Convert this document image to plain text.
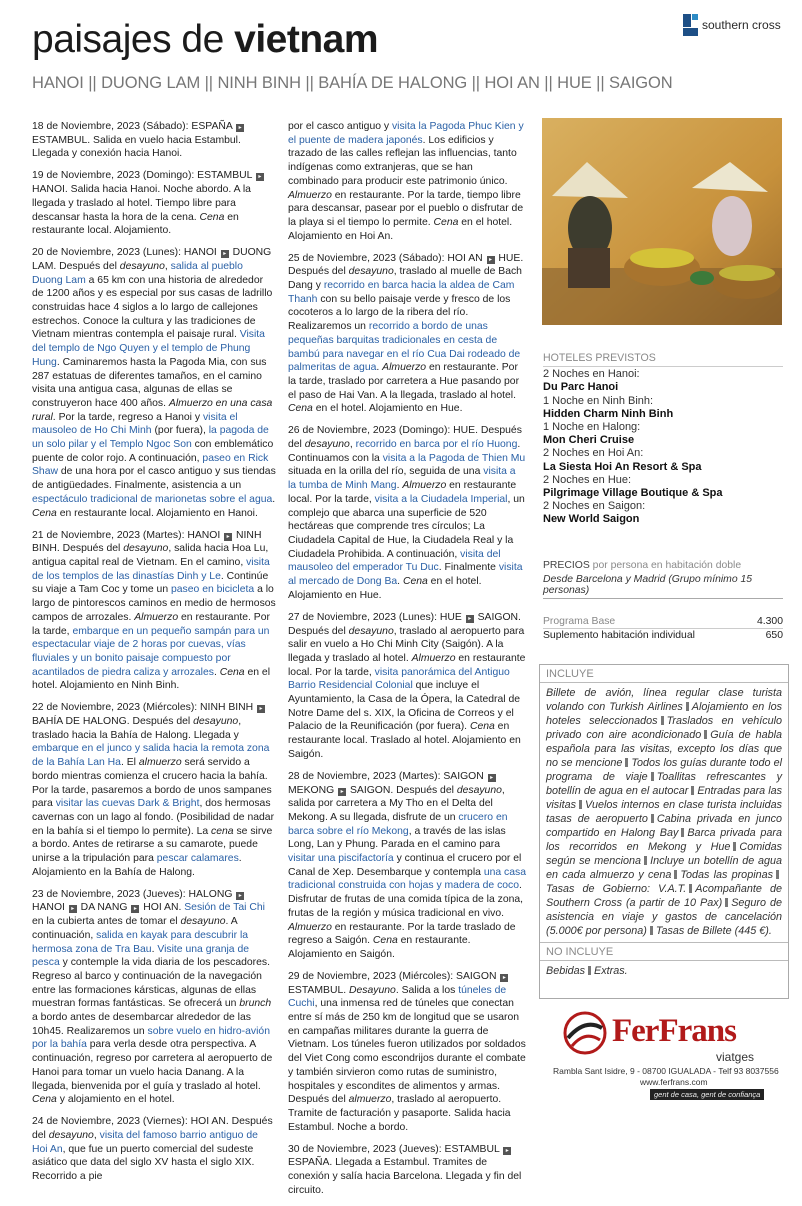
paisajes de vietnam	southern cross
HANOI || DUONG LAM || NINH BINH || BAHÍA DE HALONG || HOI AN || HUE || SAIGON

18 de Noviembre, 2023 (Sábado): ESPAÑA ▸ ESTAMBUL. Salida en vuelo hacia Estambul. Llegada y conexión hacia Hanoi.

19 de Noviembre, 2023 (Domingo): ESTAMBUL ▸ HANOI. Salida hacia Hanoi. Noche abordo. A la llegada y traslado al hotel. Tiempo libre para descansar hasta la hora de la cena. Cena en restaurante local. Alojamiento.

20 de Noviembre, 2023 (Lunes): HANOI ▸ DUONG LAM. Después del desayuno, salida al pueblo Duong Lam a 65 km con una historia de alrededor de 1200 años y es especial por sus casas de ladrillo construidas hace 4 siglos a lo largo de callejones estrechos. Conoce la cultura y las tradiciones de Vietnam mientras contempla el paisaje rural. Visita del templo de Ngo Quyen y el templo de Phung Hung. Caminaremos hasta la Pagoda Mia, con sus 287 estatuas de diferentes tamaños, en el camino visita una antigua casa, algunas de ellas se construyeron hace 400 años. Almuerzo en una casa rural. Por la tarde, regreso a Hanoi y visita el mausoleo de Ho Chi Minh (por fuera), la pagoda de un solo pilar y el Templo Ngoc Son con emblemático puente de color rojo. A continuación, paseo en Rick Shaw de una hora por el casco antiguo y sus tiendas de antigüedades. Finalmente, asistencia a un espectáculo tradicional de marionetas sobre el agua. Cena en restaurante local. Alojamiento en Hanoi.

21 de Noviembre, 2023 (Martes): HANOI ▸ NINH BINH. Después del desayuno, salida hacia Hoa Lu, antigua capital real de Vietnam. En el camino, visita de los templos de las dinastías Dinh y Le. Continúe su viaje a Tam Coc y tome un paseo en bicicleta a lo largo de pintorescos caminos en medio de hermosos campos de arrozales. Almuerzo en restaurante. Por la tarde, embarque en un pequeño sampán para un espectacular viaje de 2 horas por cuevas, vías fluviales y un bonito paisaje compuesto por acantilados de piedra caliza y arrozales. Cena en el hotel. Alojamiento en Ninh Binh.

22 de Noviembre, 2023 (Miércoles): NINH BINH ▸ BAHÍA DE HALONG. Después del desayuno, traslado hacia la Bahía de Halong. Llegada y embarque en el junco y salida hacia la remota zona de la Bahía Lan Ha. El almuerzo será servido a bordo mientras comienza el crucero hacia la bahía. Por la tarde, pasaremos a bordo de unos sampanes para visitar las cuevas Dark & Bright, dos hermosas cavernas con un lago al fondo. (Posibilidad de nadar en la bahía si el tiempo lo permite). La cena se sirve a bordo. Antes de retirarse a su camarote, puede unirse a la tripulación para pescar calamares. Alojamiento en la Bahía de Halong.

23 de Noviembre, 2023 (Jueves): HALONG ▸ HANOI ▸ DA NANG ▸ HOI AN. Sesión de Tai Chi en la cubierta antes de tomar el desayuno. A continuación, salida en kayak para descubrir la hermosa zona de Tra Bau. Visite una granja de pesca y contemple la vida diaria de los pescadores. Regreso al barco y continuación de la navegación entre las formaciones kársticas, algunas de ellas muestran formas fantásticas. Se ofrecerá un brunch a bordo antes de desembarcar alrededor de las 10h45. Realizaremos un sobre vuelo en hidro-avión por la bahía para verla desde otra perspectiva. A continuación, regreso por carretera al aeropuerto de Hanoi para tomar un vuelo hacia Danang. A la llegada, bienvenida por el guía y traslado al hotel. Cena y alojamiento en el hotel.

24 de Noviembre, 2023 (Viernes): HOI AN. Después del desayuno, visita del famoso barrio antiguo de Hoi An, que fue un puerto comercial del sudeste asiático que data del siglo XV hasta el siglo XIX. Recorrido a pie

por el casco antiguo y visita la Pagoda Phuc Kien y el puente de madera japonés. Los edificios y trazado de las calles reflejan las influencias, tanto indígenas como extranjeras, que se han combinado para producir este patrimonio único. Almuerzo en restaurante. Por la tarde, tiempo libre para descansar, pasear por el pueblo o disfrutar de la playa si el tiempo lo permite. Cena en el hotel. Alojamiento en Hoi An.

25 de Noviembre, 2023 (Sábado): HOI AN ▸ HUE. Después del desayuno, traslado al muelle de Bach Dang y recorrido en barca hacia la aldea de Cam Thanh con su bello paisaje verde y fresco de los cocoteros a lo largo de la ribera del río. Realizaremos un recorrido a bordo de unas pequeñas barquitas tradicionales en cesta de bambú para navegar en el río Cua Dai rodeado de palmeritas de agua. Almuerzo en restaurante. Por la tarde, traslado por carretera a Hue pasando por el paso de Hai Van. A la llegada, traslado al hotel. Cena en el hotel. Alojamiento en Hue.

26 de Noviembre, 2023 (Domingo): HUE. Después del desayuno, recorrido en barca por el río Huong. Continuamos con la visita a la Pagoda de Thien Mu situada en la orilla del río, seguida de una visita a la tumba de Minh Mang. Almuerzo en restaurante local. Por la tarde, visita a la Ciudadela Imperial, un complejo que abarca una superficie de 520 hectáreas que comprende tres círculos; La Ciudadela Capital de Hue, la Ciudadela Real y la Ciudadela Prohibida. A continuación, visita del mausoleo del emperador Tu Duc. Finalmente visita al mercado de Dong Ba. Cena en el hotel. Alojamiento en Hue.

27 de Noviembre, 2023 (Lunes): HUE ▸ SAIGON. Después del desayuno, traslado al aeropuerto para salir en vuelo a Ho Chi Minh City (Saigón). A la llegada y traslado al hotel. Almuerzo en restaurante local. Por la tarde, visita panorámica del Antiguo Barrio Residencial Colonial que incluye el Ayuntamiento, la Casa de la Ópera, la Catedral de Notre Dame del s. XIX, la Oficina de Correos y el Palacio de la Reunificación (por fuera). Cena en restaurante local. Traslado al hotel. Alojamiento en Saigón.

28 de Noviembre, 2023 (Martes): SAIGON ▸ MEKONG ▸ SAIGON. Después del desayuno, salida por carretera a My Tho en el Delta del Mekong. A su llegada, disfrute de un crucero en barca sobre el río Mekong, a través de las islas Long, Lan y Phung. Parada en el camino para visitar una piscifactoría y continua el crucero por el Canal de Xep. Desembarque y contempla una casa tradicional construida con hojas y madera de coco. Disfrutar de frutas de una comida típica de la zona, frutas de la región y música tradicional en vivo. Almuerzo en restaurante. Por la tarde traslado de regreso a Saigón. Cena en restaurante. Alojamiento en Saigón.

29 de Noviembre, 2023 (Miércoles): SAIGON ▸ ESTAMBUL. Desayuno. Salida a los túneles de Cuchi, una inmensa red de túneles que conectan entre sí más de 250 km de longitud que se usaron en campañas militares durante la guerra de Vietnam. Los túneles fueron utilizados por soldados del Viet Cong como escondrijos durante el combate y también sirvieron como rutas de suministro, hospitales y escondites de alimentos y armas. Después del almuerzo, traslado al aeropuerto. Tramite de facturación y pasaporte. Salida hacia Estambul. Noche a bordo.

30 de Noviembre, 2023 (Jueves): ESTAMBUL ▸ ESPAÑA. Llegada a Estambul. Tramites de conexión y salía hacia Barcelona. Llegada y fin del circuito.

HOTELES PREVISTOS
2 Noches en Hanoi:
Du Parc Hanoi
1 Noche en Ninh Binh:
Hidden Charm Ninh Binh
1 Noche en Halong:
Mon Cheri Cruise
2 Noches en Hoi An:
La Siesta Hoi An Resort & Spa
2 Noches en Hue:
Pilgrimage Village Boutique & Spa
2 Noches en Saigon:
New World Saigon
PRECIOS por persona en habitación doble
Desde Barcelona y Madrid (Grupo mínimo 15 personas)
Programa Base	4.300
Suplemento habitación individual	650
INCLUYE
Billete de avión, línea regular clase turista volando con Turkish Airlines Alojamiento en los hoteles seleccionados Traslados en vehículo privado con aire acondicionado Guía de habla española para las visitas, excepto los días que no se mencione Todos los guías durante todo el programa de viaje Toallitas refrescantes y botellín de agua en el autocar Entradas para las visitas Vuelos internos en clase turista incluidas tasas de aeropuerto Cabina privada en junco compartido en Halong Bay Barca privada para los recorridos en Mekong y Hue Comidas según se menciona Incluye un botellín de agua en cada almuerzo y cena Todas las propinasTasas de Gobierno: V.A.T. Acompañante de Southern Cross (a partir de 10 Pax) Seguro de asistencia en viaje y gastos de cancelación (5.000€ por persona) Tasas de Billete (445 €).
NO INCLUYE
Bebidas Extras.
FerFrans
viatges
Rambla Sant Isidre, 9 - 08700 IGUALADA - Telf 93 8037556
www.ferfrans.com
gent de casa, gent de confiança
